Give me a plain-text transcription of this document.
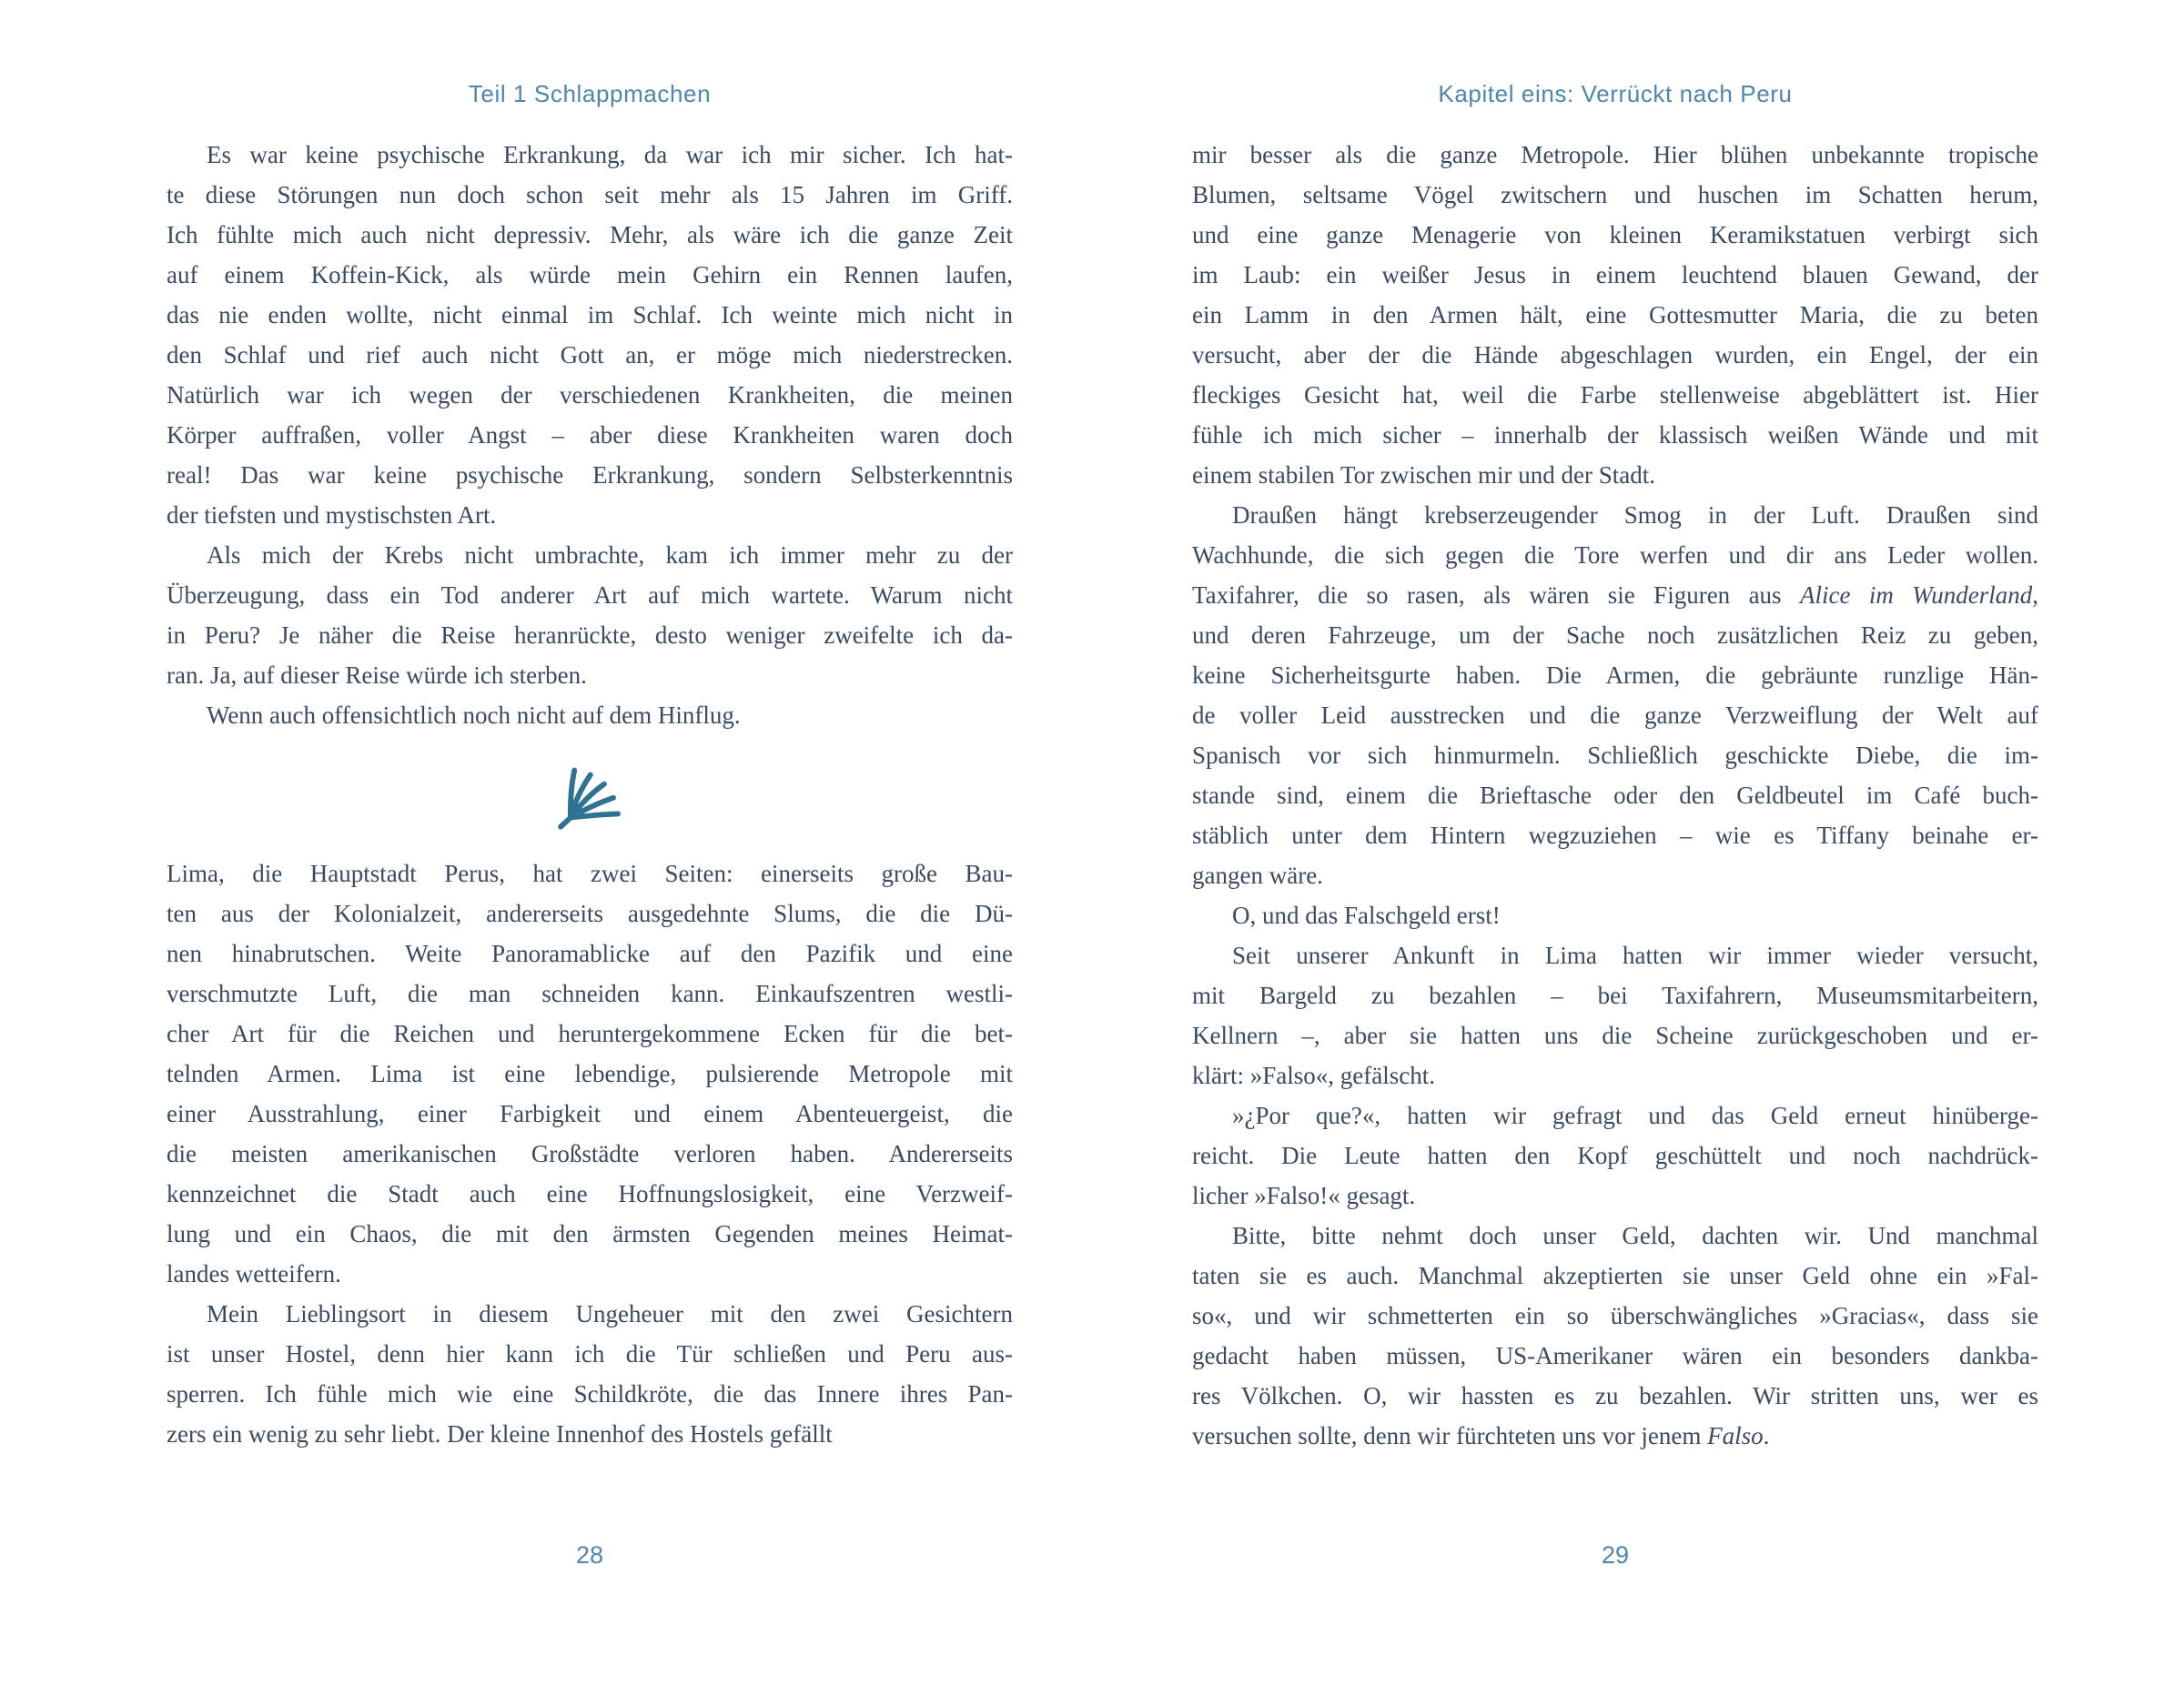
Teil 1 Schlappmachen
Es war keine psychische Erkrankung, da war ich mir sicher. Ich hat-
te diese Störungen nun doch schon seit mehr als 15 Jahren im Griff.
Ich fühlte mich auch nicht depressiv. Mehr, als wäre ich die ganze Zeit
auf einem Koffein-Kick, als würde mein Gehirn ein Rennen laufen,
das nie enden wollte, nicht einmal im Schlaf. Ich weinte mich nicht in
den Schlaf und rief auch nicht Gott an, er möge mich niederstrecken.
Natürlich war ich wegen der verschiedenen Krankheiten, die meinen
Körper auffraßen, voller Angst – aber diese Krankheiten waren doch
real! Das war keine psychische Erkrankung, sondern Selbsterkenntnis
der tiefsten und mystischsten Art.
Als mich der Krebs nicht umbrachte, kam ich immer mehr zu der
Überzeugung, dass ein Tod anderer Art auf mich wartete. Warum nicht
in Peru? Je näher die Reise heranrückte, desto weniger zweifelte ich da-
ran. Ja, auf dieser Reise würde ich sterben.
Wenn auch offensichtlich noch nicht auf dem Hinflug.
Lima, die Hauptstadt Perus, hat zwei Seiten: einerseits große Bau-
ten aus der Kolonialzeit, andererseits ausgedehnte Slums, die die Dü-
nen hinabrutschen. Weite Panoramablicke auf den Pazifik und eine
verschmutzte Luft, die man schneiden kann. Einkaufszentren westli-
cher Art für die Reichen und heruntergekommene Ecken für die bet-
telnden Armen. Lima ist eine lebendige, pulsierende Metropole mit
einer Ausstrahlung, einer Farbigkeit und einem Abenteuergeist, die
die meisten amerikanischen Großstädte verloren haben. Andererseits
kennzeichnet die Stadt auch eine Hoffnungslosigkeit, eine Verzweif-
lung und ein Chaos, die mit den ärmsten Gegenden meines Heimat-
landes wetteifern.
Mein Lieblingsort in diesem Ungeheuer mit den zwei Gesichtern
ist unser Hostel, denn hier kann ich die Tür schließen und Peru aus-
sperren. Ich fühle mich wie eine Schildkröte, die das Innere ihres Pan-
zers ein wenig zu sehr liebt. Der kleine Innenhof des Hostels gefällt
28
Kapitel eins: Verrückt nach Peru
mir besser als die ganze Metropole. Hier blühen unbekannte tropische
Blumen, seltsame Vögel zwitschern und huschen im Schatten herum,
und eine ganze Menagerie von kleinen Keramikstatuen verbirgt sich
im Laub: ein weißer Jesus in einem leuchtend blauen Gewand, der
ein Lamm in den Armen hält, eine Gottesmutter Maria, die zu beten
versucht, aber der die Hände abgeschlagen wurden, ein Engel, der ein
fleckiges Gesicht hat, weil die Farbe stellenweise abgeblättert ist. Hier
fühle ich mich sicher – innerhalb der klassisch weißen Wände und mit
einem stabilen Tor zwischen mir und der Stadt.
Draußen hängt krebserzeugender Smog in der Luft. Draußen sind
Wachhunde, die sich gegen die Tore werfen und dir ans Leder wollen.
Taxifahrer, die so rasen, als wären sie Figuren aus Alice im Wunderland,
und deren Fahrzeuge, um der Sache noch zusätzlichen Reiz zu geben,
keine Sicherheitsgurte haben. Die Armen, die gebräunte runzlige Hän-
de voller Leid ausstrecken und die ganze Verzweiflung der Welt auf
Spanisch vor sich hinmurmeln. Schließlich geschickte Diebe, die im-
stande sind, einem die Brieftasche oder den Geldbeutel im Café buch-
stäblich unter dem Hintern wegzuziehen – wie es Tiffany beinahe er-
gangen wäre.
O, und das Falschgeld erst!
Seit unserer Ankunft in Lima hatten wir immer wieder versucht,
mit Bargeld zu bezahlen – bei Taxifahrern, Museumsmitarbeitern,
Kellnern –, aber sie hatten uns die Scheine zurückgeschoben und er-
klärt: »Falso«, gefälscht.
»¿Por que?«, hatten wir gefragt und das Geld erneut hinüberge-
reicht. Die Leute hatten den Kopf geschüttelt und noch nachdrück-
licher »Falso!« gesagt.
Bitte, bitte nehmt doch unser Geld, dachten wir. Und manchmal
taten sie es auch. Manchmal akzeptierten sie unser Geld ohne ein »Fal-
so«, und wir schmetterten ein so überschwängliches »Gracias«, dass sie
gedacht haben müssen, US-Amerikaner wären ein besonders dankba-
res Völkchen. O, wir hassten es zu bezahlen. Wir stritten uns, wer es
versuchen sollte, denn wir fürchteten uns vor jenem Falso.
29
